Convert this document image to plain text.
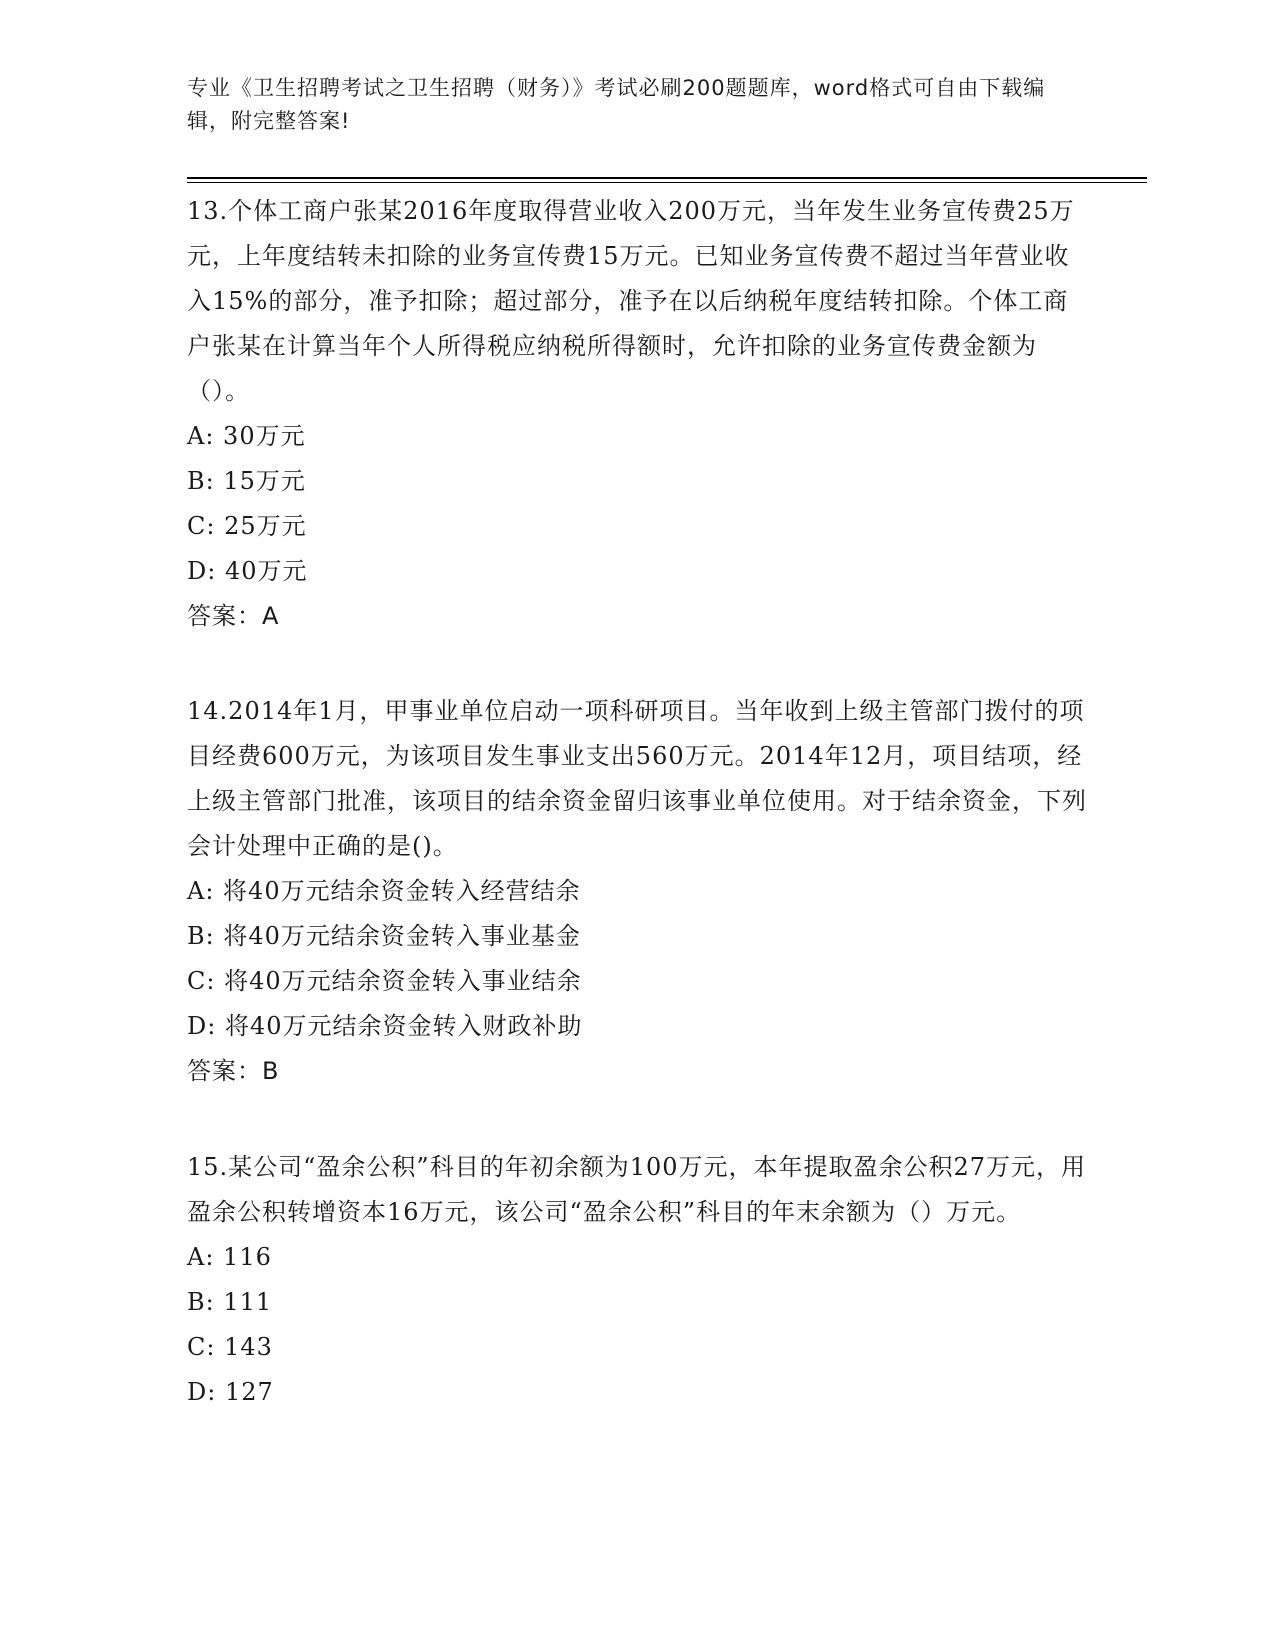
专业《卫生招聘考试之卫生招聘（财务）》考试必刷200题题库，word格式可自由下载编辑，附完整答案!
13.个体工商户张某2016年度取得营业收入200万元，当年发生业务宣传费25万元，上年度结转未扣除的业务宣传费15万元。已知业务宣传费不超过当年营业收入15%的部分，准予扣除；超过部分，准予在以后纳税年度结转扣除。个体工商户张某在计算当年个人所得税应纳税所得额时，允许扣除的业务宣传费金额为（）。
A: 30万元
B: 15万元
C: 25万元
D: 40万元
答案：A
14.2014年1月，甲事业单位启动一项科研项目。当年收到上级主管部门拨付的项目经费600万元，为该项目发生事业支出560万元。2014年12月，项目结项，经上级主管部门批准，该项目的结余资金留归该事业单位使用。对于结余资金，下列会计处理中正确的是()。
A: 将40万元结余资金转入经营结余
B: 将40万元结余资金转入事业基金
C: 将40万元结余资金转入事业结余
D: 将40万元结余资金转入财政补助
答案：B
15.某公司“盈余公积”科目的年初余额为100万元，本年提取盈余公积27万元，用盈余公积转增资本16万元，该公司“盈余公积”科目的年末余额为（）万元。
A: 116
B: 111
C: 143
D: 127
